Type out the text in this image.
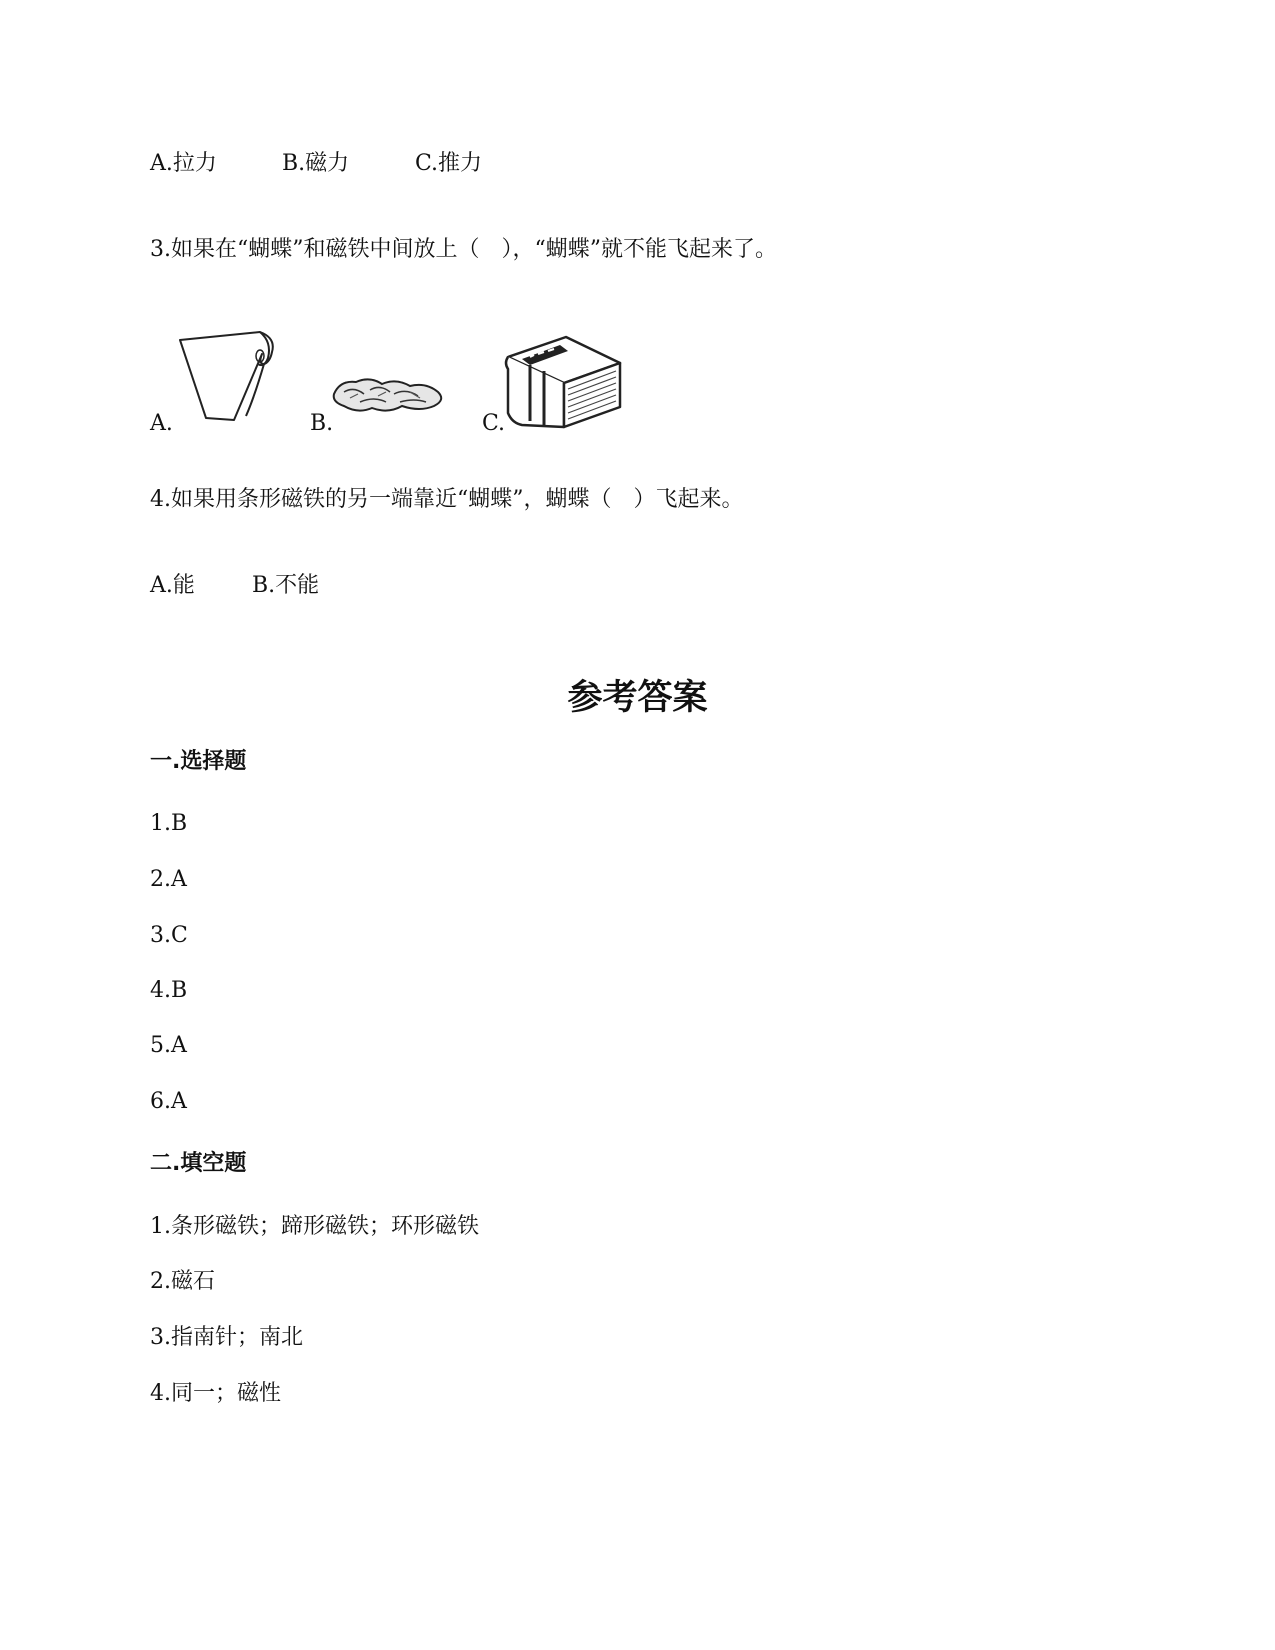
A.拉力	B.磁力	C.推力
3.如果在“蝴蝶”和磁铁中间放上（　），“蝴蝶”就不能飞起来了。
A.	B.	C.
4.如果用条形磁铁的另一端靠近“蝴蝶”，蝴蝶（　）飞起来。
A.能	B.不能
参考答案
一.选择题
1.B
2.A
3.C
4.B
5.A
6.A
二.填空题
1.条形磁铁；蹄形磁铁；环形磁铁
2.磁石
3.指南针；南北
4.同一；磁性
